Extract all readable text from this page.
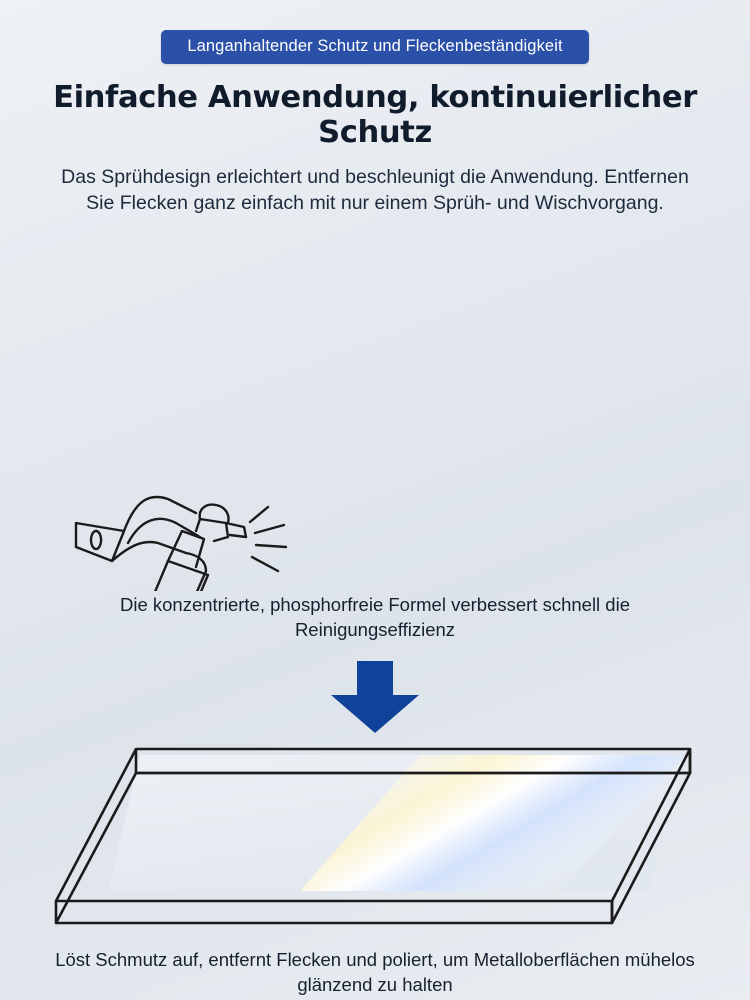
Langanhaltender Schutz und Fleckenbeständigkeit
Einfache Anwendung, kontinuierlicher Schutz
Das Sprühdesign erleichtert und beschleunigt die Anwendung. Entfernen Sie Flecken ganz einfach mit nur einem Sprüh- und Wischvorgang.
Die konzentrierte, phosphorfreie Formel verbessert schnell die Reinigungseffizienz
Löst Schmutz auf, entfernt Flecken und poliert, um Metalloberflächen mühelos glänzend zu halten
